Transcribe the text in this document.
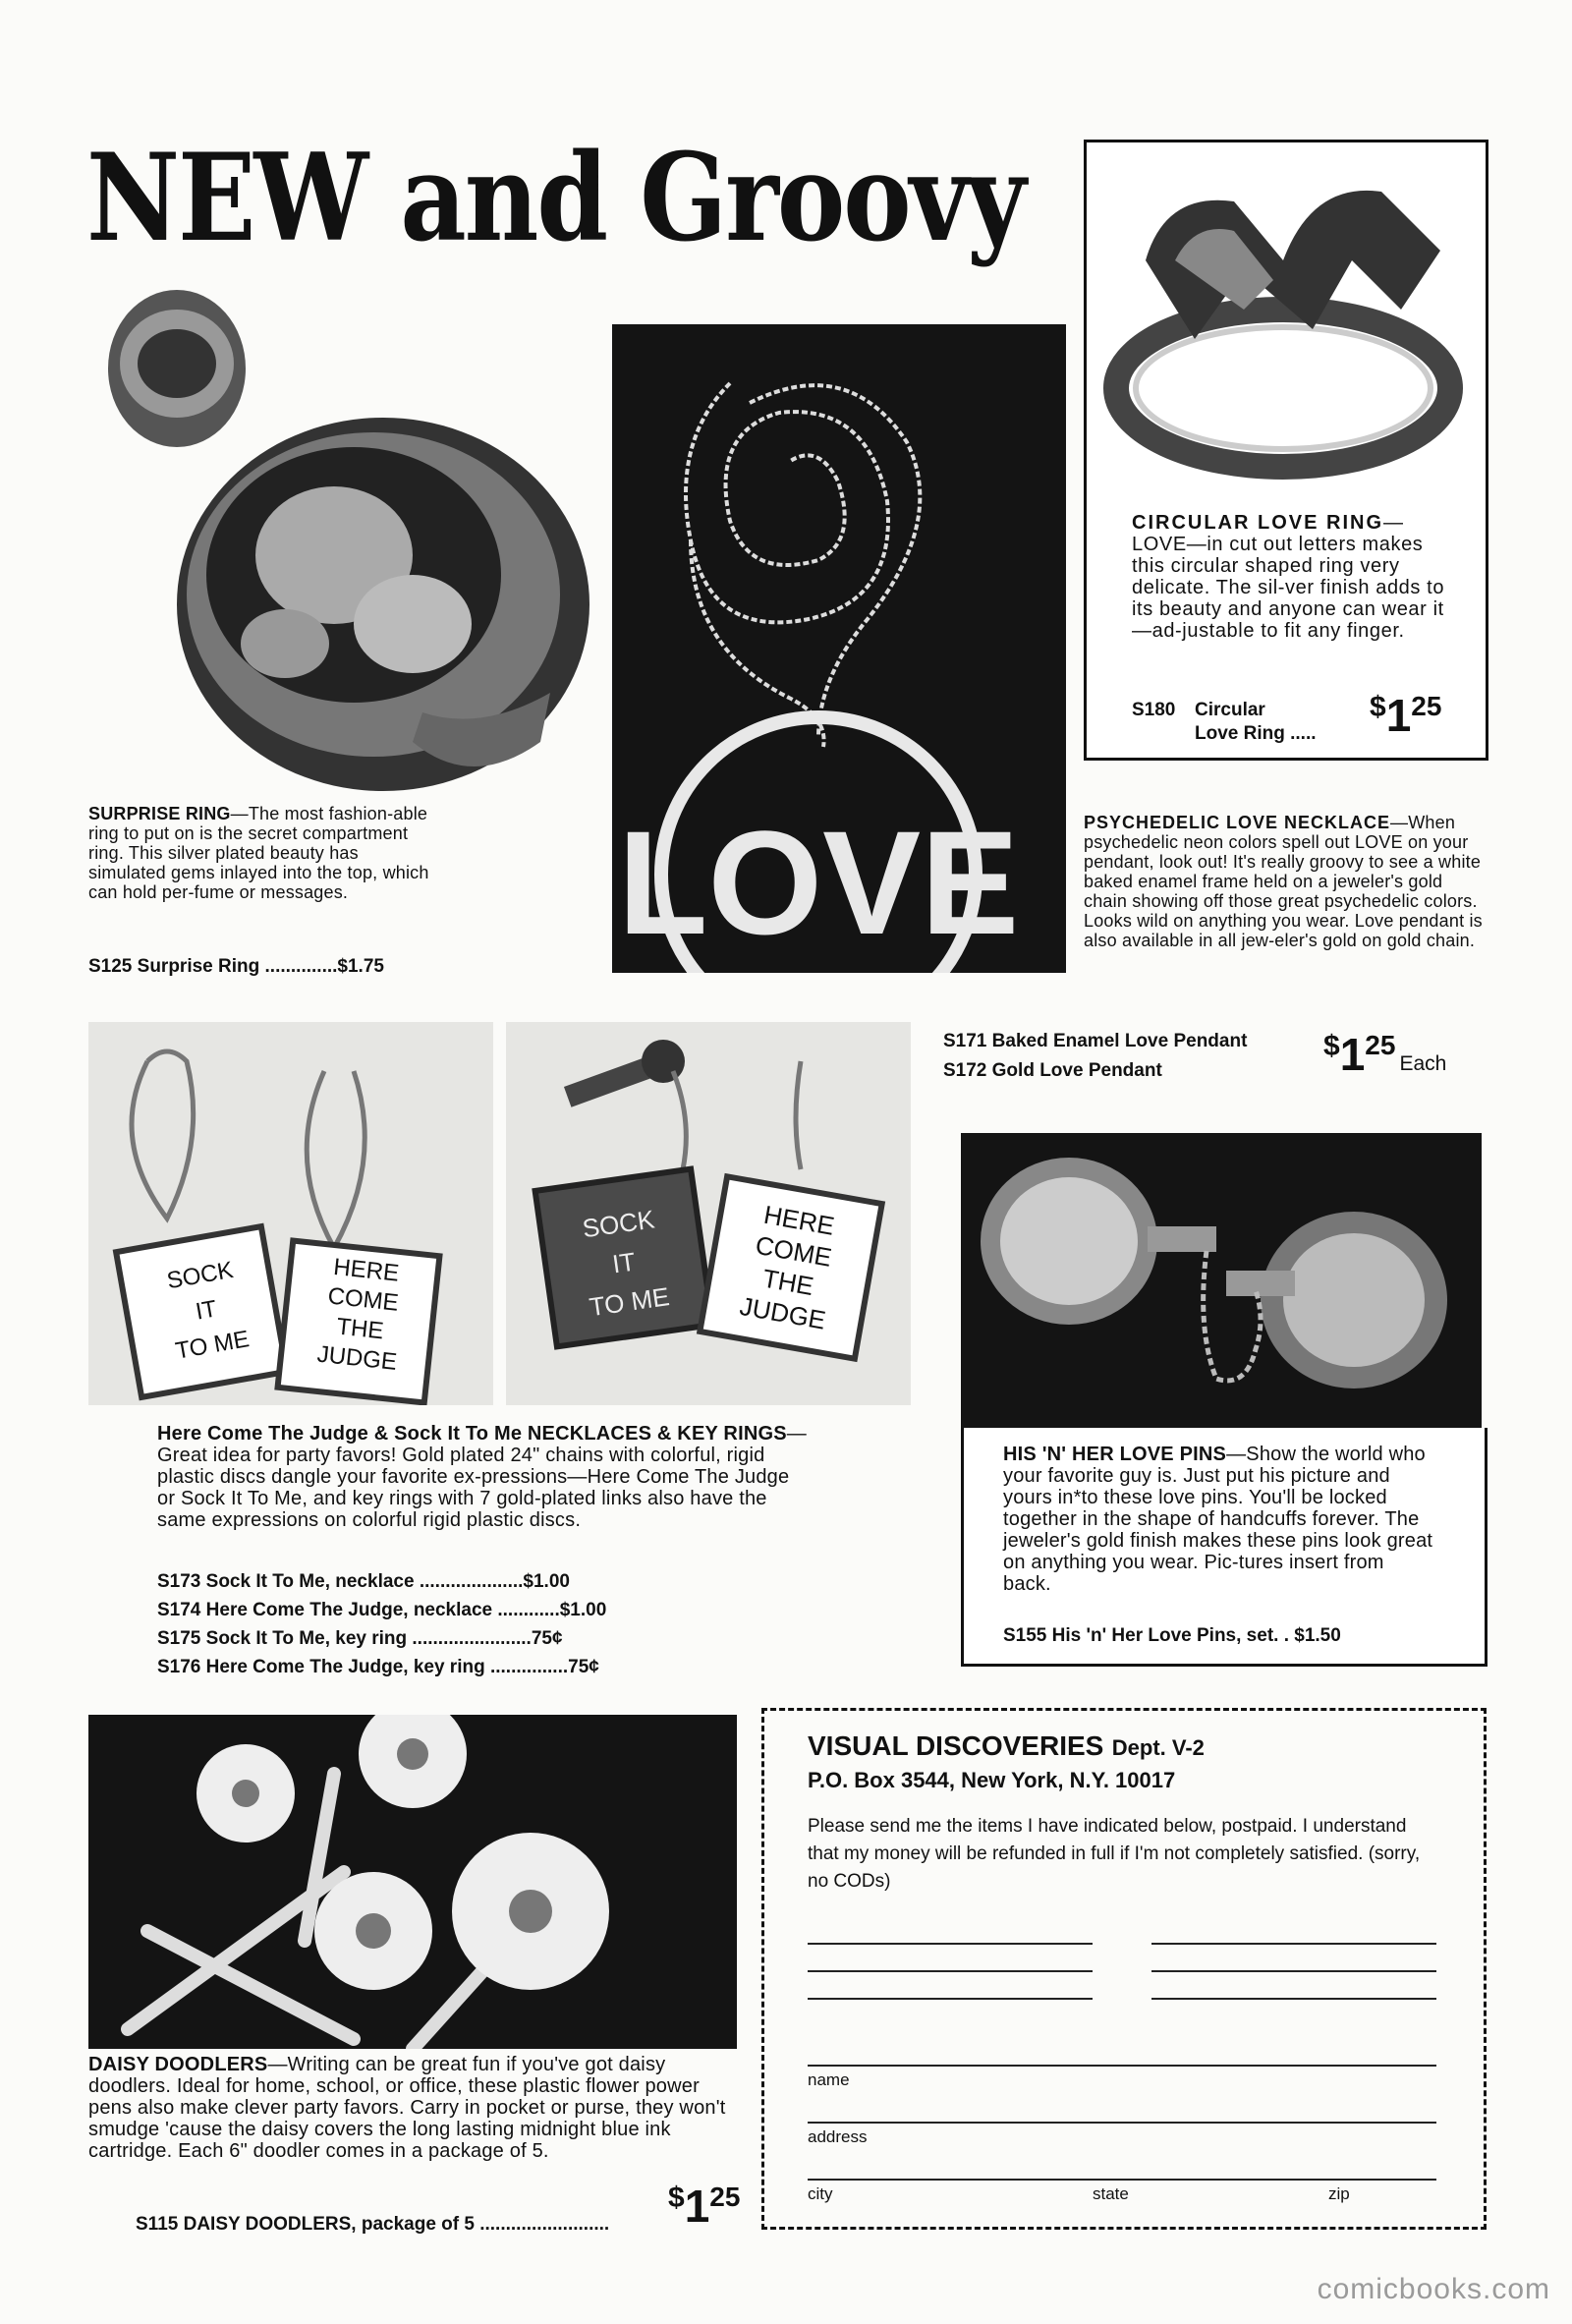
NEW and Groovy
SURPRISE RING—The most fashion-able ring to put on is the secret compartment ring. This silver plated beauty has simulated gems inlayed into the top, which can hold per-fume or messages.
S125 Surprise Ring ..............$1.75
LOVE
CIRCULAR LOVE RING—LOVE—in cut out letters makes this circular shaped ring very delicate. The sil-ver finish adds to its beauty and anyone can wear it—ad-justable to fit any finger.
S180 Circular
Love Ring .....
$125
PSYCHEDELIC LOVE NECKLACE—When psychedelic neon colors spell out LOVE on your pendant, look out! It's really groovy to see a white baked enamel frame held on a jeweler's gold chain showing off those great psychedelic colors. Looks wild on anything you wear. Love pendant is also available in all jew-eler's gold on gold chain.
S171 Baked Enamel Love Pendant
S172 Gold Love Pendant
$125Each
SOCK
IT
TO ME
HERE
COME
THE
JUDGE
SOCK
IT
TO ME
HERE
COME
THE
JUDGE
Here Come The Judge & Sock It To Me NECKLACES & KEY RINGS—Great idea for party favors! Gold plated 24" chains with colorful, rigid plastic discs dangle your favorite ex-pressions—Here Come The Judge or Sock It To Me, and key rings with 7 gold-plated links also have the same expressions on colorful rigid plastic discs.
S173 Sock It To Me, necklace ....................$1.00
S174 Here Come The Judge, necklace ............$1.00
S175 Sock It To Me, key ring .......................75¢
S176 Here Come The Judge, key ring ...............75¢
HIS 'N' HER LOVE PINS—Show the world who your favorite guy is. Just put his picture and yours in*to these love pins. You'll be locked together in the shape of handcuffs forever. The jeweler's gold finish makes these pins look great on anything you wear. Pic-tures insert from back.
S155 His 'n' Her Love Pins, set. . $1.50
DAISY DOODLERS—Writing can be great fun if you've got daisy doodlers. Ideal for home, school, or office, these plastic flower power pens also make clever party favors. Carry in pocket or purse, they won't smudge 'cause the daisy covers the long lasting midnight blue ink cartridge. Each 6" doodler comes in a package of 5.
S115 DAISY DOODLERS, package of 5 .........................
$125
VISUAL DISCOVERIES Dept. V-2
P.O. Box 3544, New York, N.Y. 10017
Please send me the items I have indicated below, postpaid. I understand that my money will be refunded in full if I'm not completely satisfied. (sorry, no CODs)
name
address
city	state	zip
comicbooks.com
